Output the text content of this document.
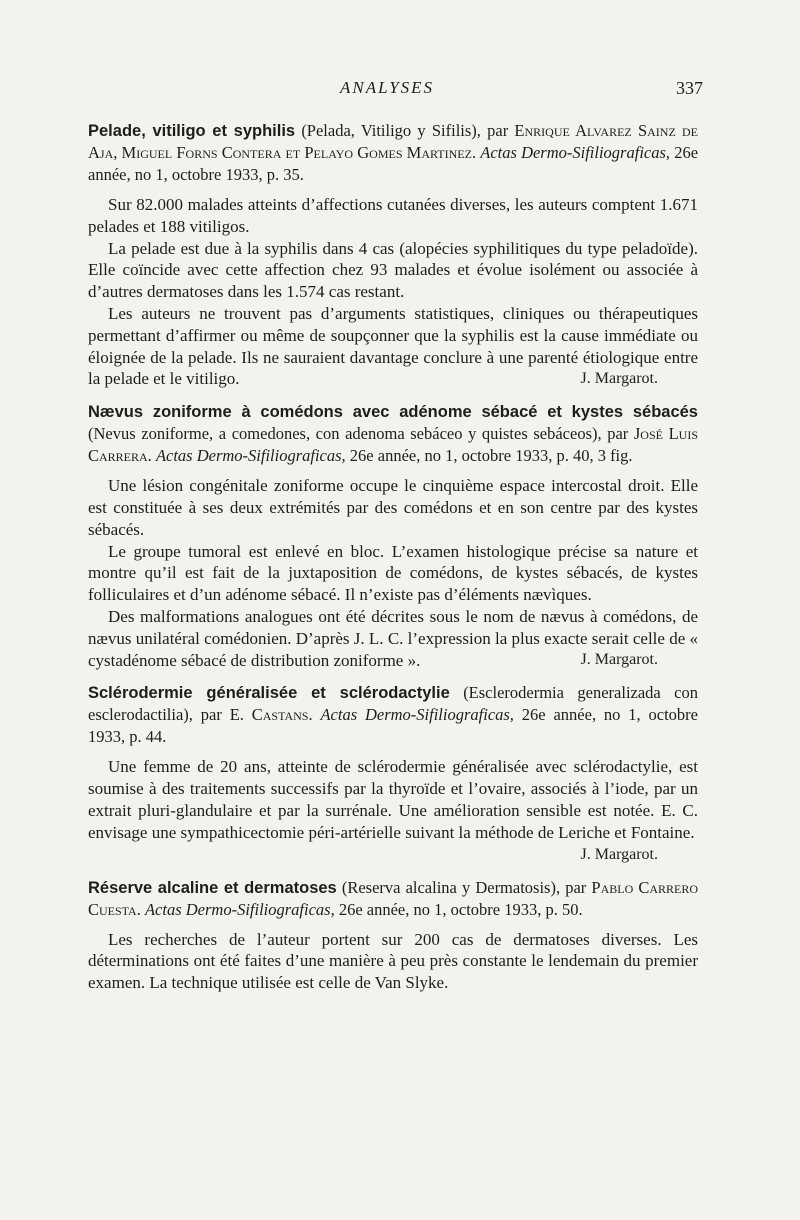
ANALYSES	337

Pelade, vitiligo et syphilis (Pelada, Vitiligo y Sifilis), par Enrique Alvarez Sainz de Aja, Miguel Forns Contera et Pelayo Gomes Martinez. Actas Dermo-Sifiliograficas, 26e année, no 1, octobre 1933, p. 35.

Sur 82.000 malades atteints d’affections cutanées diverses, les auteurs comptent 1.671 pelades et 188 vitiligos.

La pelade est due à la syphilis dans 4 cas (alopécies syphilitiques du type peladoïde). Elle coïncide avec cette affection chez 93 malades et évolue isolément ou associée à d’autres dermatoses dans les 1.574 cas restant.

Les auteurs ne trouvent pas d’arguments statistiques, cliniques ou thérapeutiques permettant d’affirmer ou même de soupçonner que la syphilis est la cause immédiate ou éloignée de la pelade. Ils ne sauraient davantage conclure à une parenté étiologique entre la pelade et le vitiligo.	J. Margarot.

Nævus zoniforme à comédons avec adénome sébacé et kystes sébacés (Nevus zoniforme, a comedones, con adenoma sebáceo y quistes sebáceos), par José Luis Carrera. Actas Dermo-Sifiliograficas, 26e année, no 1, octobre 1933, p. 40, 3 fig.

Une lésion congénitale zoniforme occupe le cinquième espace intercostal droit. Elle est constituée à ses deux extrémités par des comédons et en son centre par des kystes sébacés.

Le groupe tumoral est enlevé en bloc. L’examen histologique précise sa nature et montre qu’il est fait de la juxtaposition de comédons, de kystes sébacés, de kystes folliculaires et d’un adénome sébacé. Il n’existe pas d’éléments nævìques.

Des malformations analogues ont été décrites sous le nom de nævus à comédons, de nævus unilatéral comédonien. D’après J. L. C. l’expression la plus exacte serait celle de « cystadénome sébacé de distribution zoniforme ».	J. Margarot.

Sclérodermie généralisée et sclérodactylie (Esclerodermia generalizada con esclerodactilia), par E. Castans. Actas Dermo-Sifiliograficas, 26e année, no 1, octobre 1933, p. 44.

Une femme de 20 ans, atteinte de sclérodermie généralisée avec sclérodactylie, est soumise à des traitements successifs par la thyroïde et l’ovaire, associés à l’iode, par un extrait pluri-glandulaire et par la surrénale. Une amélioration sensible est notée. E. C. envisage une sympathicectomie péri-artérielle suivant la méthode de Leriche et Fontaine.

J. Margarot.

Réserve alcaline et dermatoses (Reserva alcalina y Dermatosis), par Pablo Carrero Cuesta. Actas Dermo-Sifiliograficas, 26e année, no 1, octobre 1933, p. 50.

Les recherches de l’auteur portent sur 200 cas de dermatoses diverses. Les déterminations ont été faites d’une manière à peu près constante le lendemain du premier examen. La technique utilisée est celle de Van Slyke.
